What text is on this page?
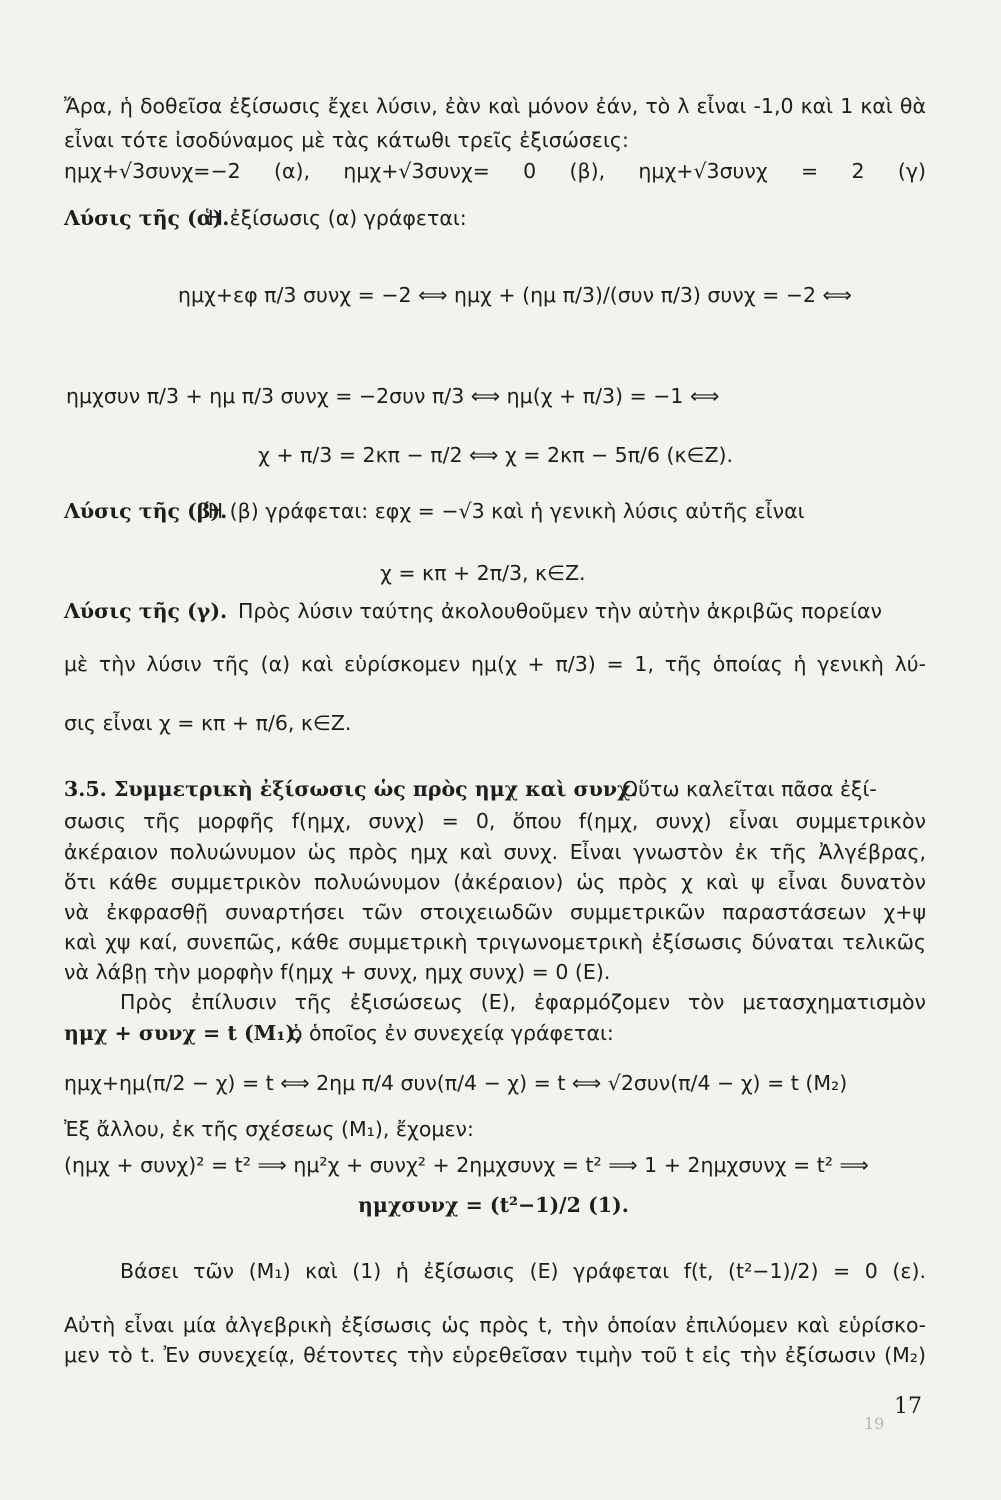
Ἄρα, ἡ δοθεῖσα ἐξίσωσις ἔχει λύσιν, ἐὰν καὶ μόνον ἐάν, τὸ λ εἶναι -1,0 καὶ 1 καὶ θὰ
εἶναι τότε ἰσοδύναμος μὲ τὰς κάτωθι τρεῖς ἐξισώσεις:
ημχ+√3συνχ=−2 (α), ημχ+√3συνχ= 0 (β), ημχ+√3συνχ = 2 (γ)
Λύσις τῆς (α).
Ἡ ἐξίσωσις (α) γράφεται:
ημχ+εφ π/3 συνχ = −2 ⟺ ημχ + (ημ π/3)/(συν π/3) συνχ = −2 ⟺
ημχσυν π/3 + ημ π/3 συνχ = −2συν π/3 ⟺ ημ(χ + π/3) = −1 ⟺
χ + π/3 = 2κπ − π/2 ⟺ χ = 2κπ − 5π/6 (κ∈Z).
Λύσις τῆς (β).
Ἡ (β) γράφεται: εφχ = −√3 καὶ ἡ γενικὴ λύσις αὐτῆς εἶναι
χ = κπ + 2π/3, κ∈Z.
Λύσις τῆς (γ). Πρὸς λύσιν ταύτης ἀκολουθοῦμεν τὴν αὐτὴν ἀκριβῶς πορείαν
μὲ τὴν λύσιν τῆς (α) καὶ εὑρίσκομεν ημ(χ + π/3) = 1, τῆς ὁποίας ἡ γενικὴ λύ-
σις εἶναι χ = κπ + π/6, κ∈Z.
3.5. Συμμετρικὴ ἐξίσωσις ὡς πρὸς ημχ καὶ συνχ.
Οὕτω καλεῖται πᾶσα ἐξί-
σωσις τῆς μορφῆς f(ημχ, συνχ) = 0, ὅπου f(ημχ, συνχ) εἶναι συμμετρικὸν
ἀκέραιον πολυώνυμον ὡς πρὸς ημχ καὶ συνχ. Εἶναι γνωστὸν ἐκ τῆς Ἀλγέβρας,
ὅτι κάθε συμμετρικὸν πολυώνυμον (ἀκέραιον) ὡς πρὸς χ καὶ ψ εἶναι δυνατὸν
νὰ ἐκφρασθῇ συναρτήσει τῶν στοιχειωδῶν συμμετρικῶν παραστάσεων χ+ψ
καὶ χψ καί, συνεπῶς, κάθε συμμετρικὴ τριγωνομετρικὴ ἐξίσωσις δύναται τελικῶς
νὰ λάβῃ τὴν μορφὴν f(ημχ + συνχ, ημχ συνχ) = 0 (Ε).
Πρὸς ἐπίλυσιν τῆς ἐξισώσεως (Ε), ἐφαρμόζομεν τὸν μετασχηματισμὸν
ημχ + συνχ = t (Μ₁),
ὁ ὁποῖος ἐν συνεχείᾳ γράφεται:
ημχ+ημ(π/2 − χ) = t ⟺ 2ημ π/4 συν(π/4 − χ) = t ⟺ √2συν(π/4 − χ) = t (Μ₂)
Ἐξ ἄλλου, ἐκ τῆς σχέσεως (Μ₁), ἔχομεν:
(ημχ + συνχ)² = t² ⟹ ημ²χ + συνχ² + 2ημχσυνχ = t² ⟹ 1 + 2ημχσυνχ = t² ⟹
ημχσυνχ = (t²−1)/2 (1).
Βάσει τῶν (Μ₁) καὶ (1) ἡ ἐξίσωσις (Ε) γράφεται f(t, (t²−1)/2) = 0 (ε).
Αὐτὴ εἶναι μία ἀλγεβρικὴ ἐξίσωσις ὡς πρὸς t, τὴν ὁποίαν ἐπιλύομεν καὶ εὑρίσκο-
μεν τὸ t. Ἐν συνεχείᾳ, θέτοντες τὴν εὑρεθεῖσαν τιμὴν τοῦ t εἰς τὴν ἐξίσωσιν (Μ₂)
17
19
